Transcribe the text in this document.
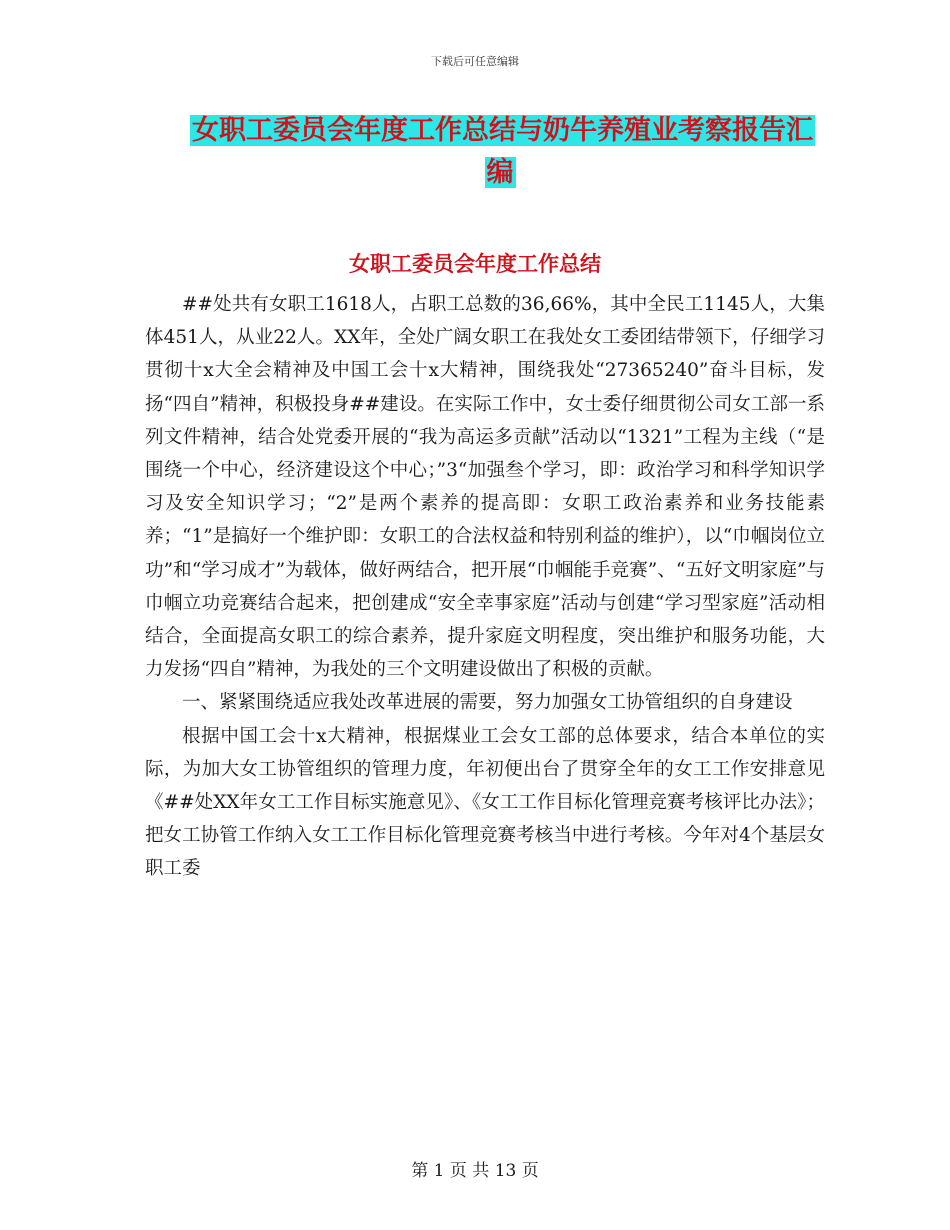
下载后可任意编辑
女职工委员会年度工作总结与奶牛养殖业考察报告汇
编
女职工委员会年度工作总结

##处共有女职工1618人，占职工总数的36,66%，其中全民工1145人，大集体451人，从业22人。XX年，全处广阔女职工在我处女工委团结带领下，仔细学习贯彻十x大全会精神及中国工会十x大精神，围绕我处“27365240”奋斗目标，发扬“四自”精神，积极投身##建设。在实际工作中，女士委仔细贯彻公司女工部一系列文件精神，结合处党委开展的“我为高运多贡献”活动以“1321”工程为主线（“是围绕一个中心，经济建设这个中心；”3“加强叁个学习，即：政治学习和科学知识学习及安全知识学习；“2”是两个素养的提高即：女职工政治素养和业务技能素养；“1”是搞好一个维护即：女职工的合法权益和特别利益的维护），以“巾帼岗位立功”和“学习成才”为载体，做好两结合，把开展“巾帼能手竞赛”、“五好文明家庭”与巾帼立功竞赛结合起来，把创建成“安全幸事家庭”活动与创建“学习型家庭”活动相结合，全面提高女职工的综合素养，提升家庭文明程度，突出维护和服务功能，大力发扬“四自”精神，为我处的三个文明建设做出了积极的贡献。

一、紧紧围绕适应我处改革进展的需要，努力加强女工协管组织的自身建设

根据中国工会十x大精神，根据煤业工会女工部的总体要求，结合本单位的实际，为加大女工协管组织的管理力度，年初便出台了贯穿全年的女工工作安排意见《##处XX年女工工作目标实施意见》、《女工工作目标化管理竞赛考核评比办法》；把女工协管工作纳入女工工作目标化管理竞赛考核当中进行考核。今年对4个基层女职工委

第 1 页 共 13 页
